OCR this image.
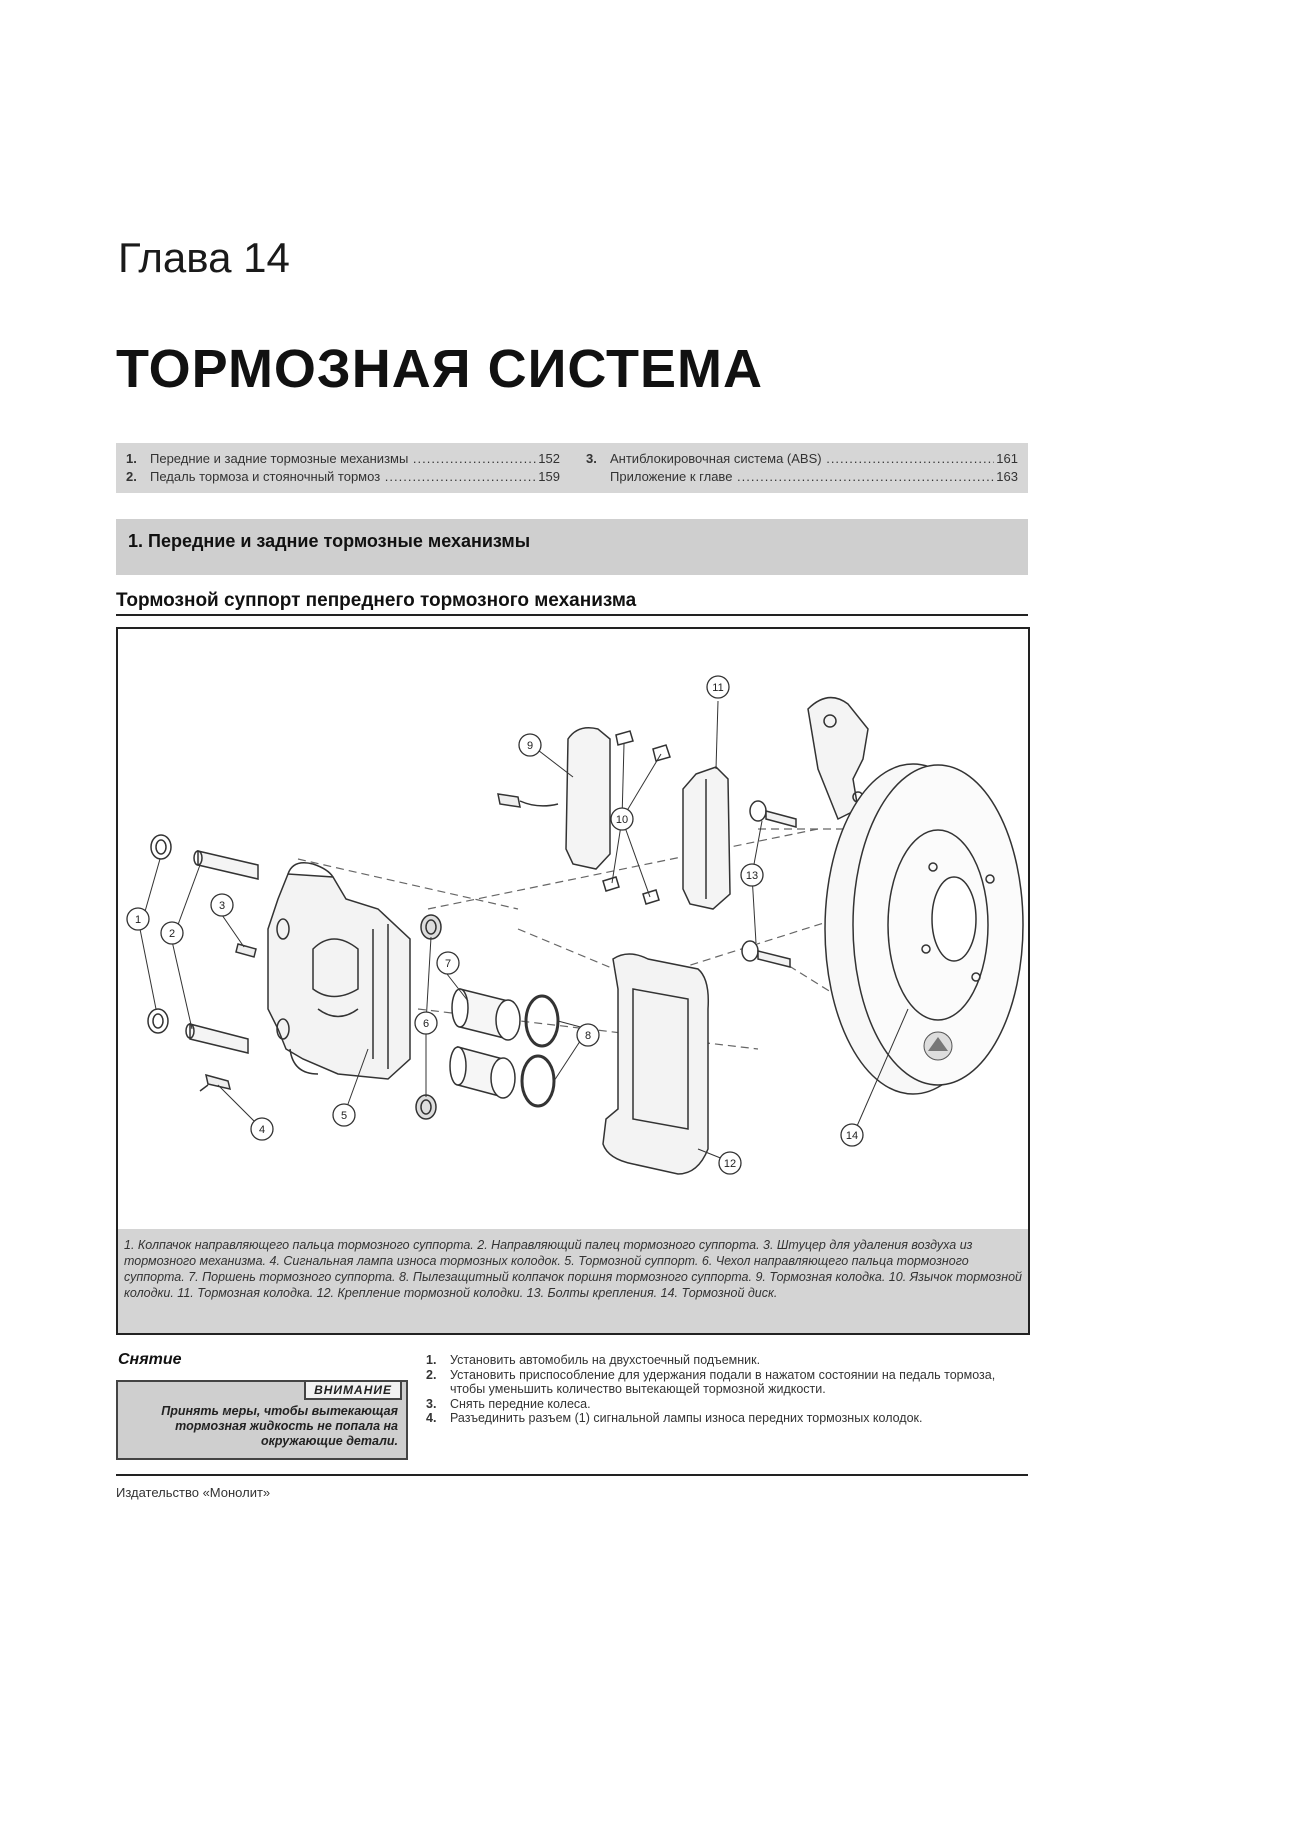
Глава 14
ТОРМОЗНАЯ СИСТЕМА
1.	Передние и задние тормозные механизмы .....	152
2.	Педаль тормоза и стояночный тормоз .....	159
3.	Антиблокировочная система (ABS) .....	161
Приложение к главе .....	163
1. Передние и задние тормозные механизмы
Тормозной суппорт пепреднего тормозного механизма
1
2
3
4
5
6
7
8
9
10
11
12
13
14
1. Колпачок направляющего пальца тормозного суппорта. 2. Направляющий палец тормозного суппорта. 3. Штуцер для удаления воздуха из тормозного механизма. 4. Сигнальная лампа износа тормозных колодок. 5. Тормозной суппорт. 6. Чехол направляющего пальца тормозного суппорта. 7. Поршень тормозного суппорта. 8. Пылезащитный колпачок поршня тормозного суппорта. 9. Тормозная колодка. 10. Язычок тормозной колодки. 11. Тормозная колодка. 12. Крепление тормозной колодки. 13. Болты крепления. 14. Тормозной диск.
Снятие
ВНИМАНИЕ
Принять меры, чтобы вытекающая тормозная жидкость не попала на окружающие детали.
1.	Установить автомобиль на двухстоечный подъемник.
2.	Установить приспособление для удержания подали в нажатом состоянии на педаль тормоза, чтобы уменьшить количество вытекающей тормозной жидкости.
3.	Снять передние колеса.
4.	Разъединить разъем (1) сигнальной лампы износа передних тормозных колодок.
Издательство «Монолит»
